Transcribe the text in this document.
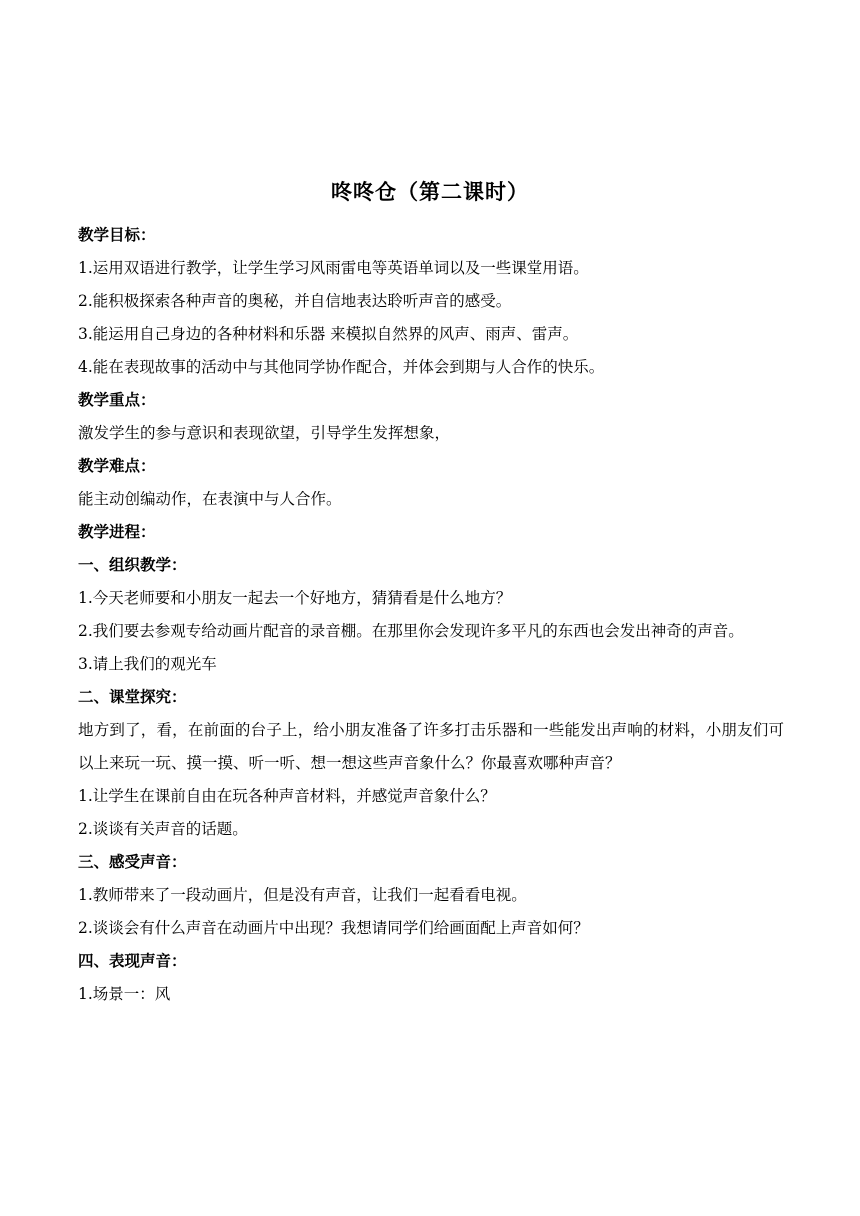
咚咚仓（第二课时）
教学目标：
1.运用双语进行教学，让学生学习风雨雷电等英语单词以及一些课堂用语。
2.能积极探索各种声音的奥秘，并自信地表达聆听声音的感受。
3.能运用自己身边的各种材料和乐器 来模拟自然界的风声、雨声、雷声。
4.能在表现故事的活动中与其他同学协作配合，并体会到期与人合作的快乐。
教学重点：
激发学生的参与意识和表现欲望，引导学生发挥想象，
教学难点：
能主动创编动作，在表演中与人合作。
教学进程：
一、组织教学：
1.今天老师要和小朋友一起去一个好地方，猜猜看是什么地方？
2.我们要去参观专给动画片配音的录音棚。在那里你会发现许多平凡的东西也会发出神奇的声音。
3.请上我们的观光车
二、课堂探究：
地方到了，看，在前面的台子上，给小朋友准备了许多打击乐器和一些能发出声响的材料，小朋友们可以上来玩一玩、摸一摸、听一听、想一想这些声音象什么？你最喜欢哪种声音？
1.让学生在课前自由在玩各种声音材料，并感觉声音象什么？
2.谈谈有关声音的话题。
三、感受声音：
1.教师带来了一段动画片，但是没有声音，让我们一起看看电视。
2.谈谈会有什么声音在动画片中出现？我想请同学们给画面配上声音如何？
四、表现声音：
1.场景一：风
